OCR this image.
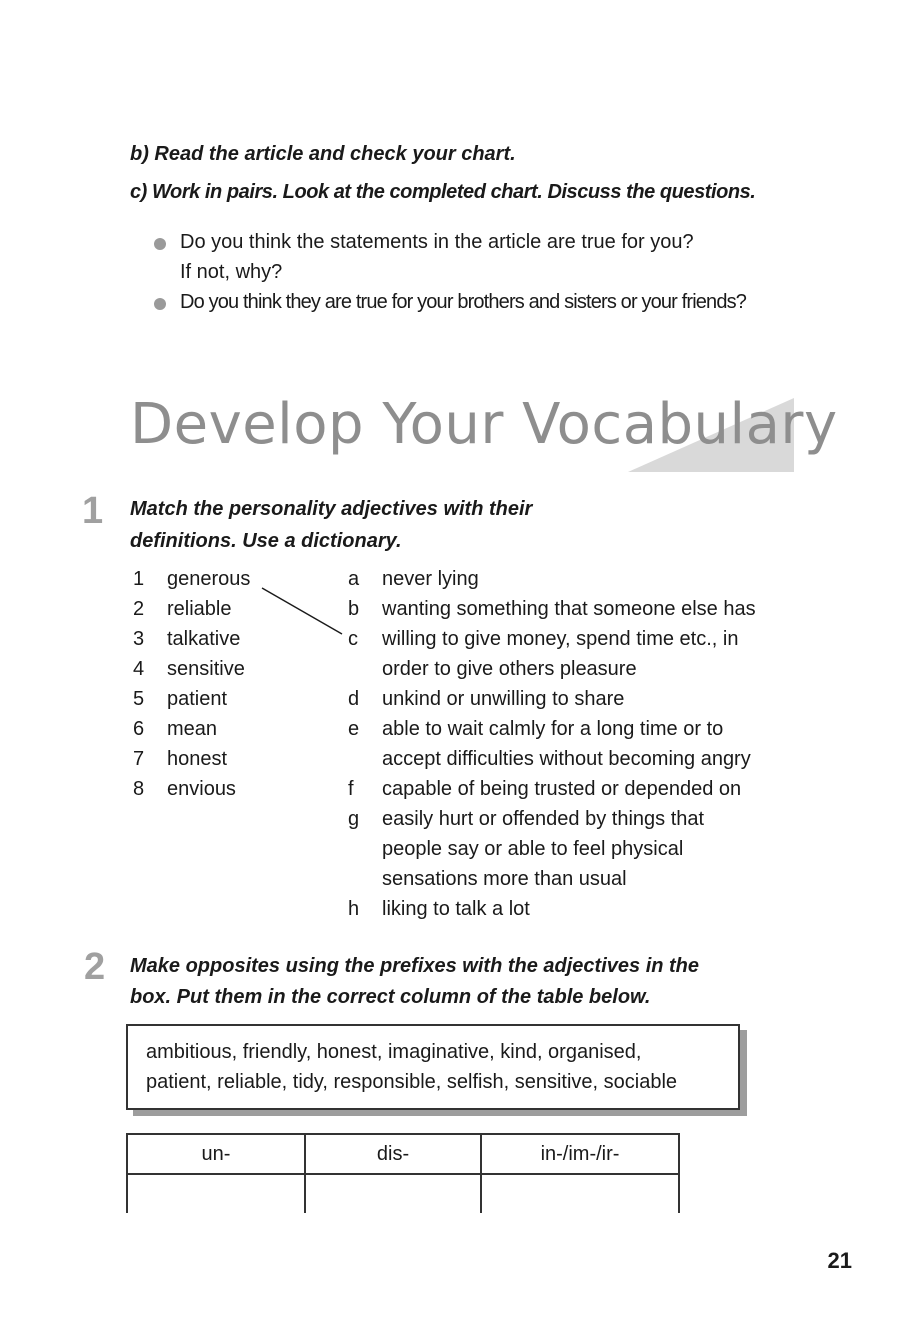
b) Read the article and check your chart.
c) Work in pairs. Look at the completed chart. Discuss the questions.
Do you think the statements in the article are true for you?
If not, why?
Do you think they are true for your brothers and sisters or your friends?
Develop Your Vocabulary
1 Match the personality adjectives with their
definitions. Use a dictionary.
1 generous
2 reliable
3 talkative
4 sensitive
5 patient
6 mean
7 honest
8 envious
a never lying
b wanting something that someone else has
c willing to give money, spend time etc., in
order to give others pleasure
d unkind or unwilling to share
e able to wait calmly for a long time or to
accept difficulties without becoming angry
f capable of being trusted or depended on
g easily hurt or offended by things that
people say or able to feel physical
sensations more than usual
h liking to talk a lot
2 Make opposites using the prefixes with the adjectives in the
box. Put them in the correct column of the table below.
ambitious, friendly, honest, imaginative, kind, organised,
patient, reliable, tidy, responsible, selfish, sensitive, sociable
un-	dis-	in-/im-/ir-
21
